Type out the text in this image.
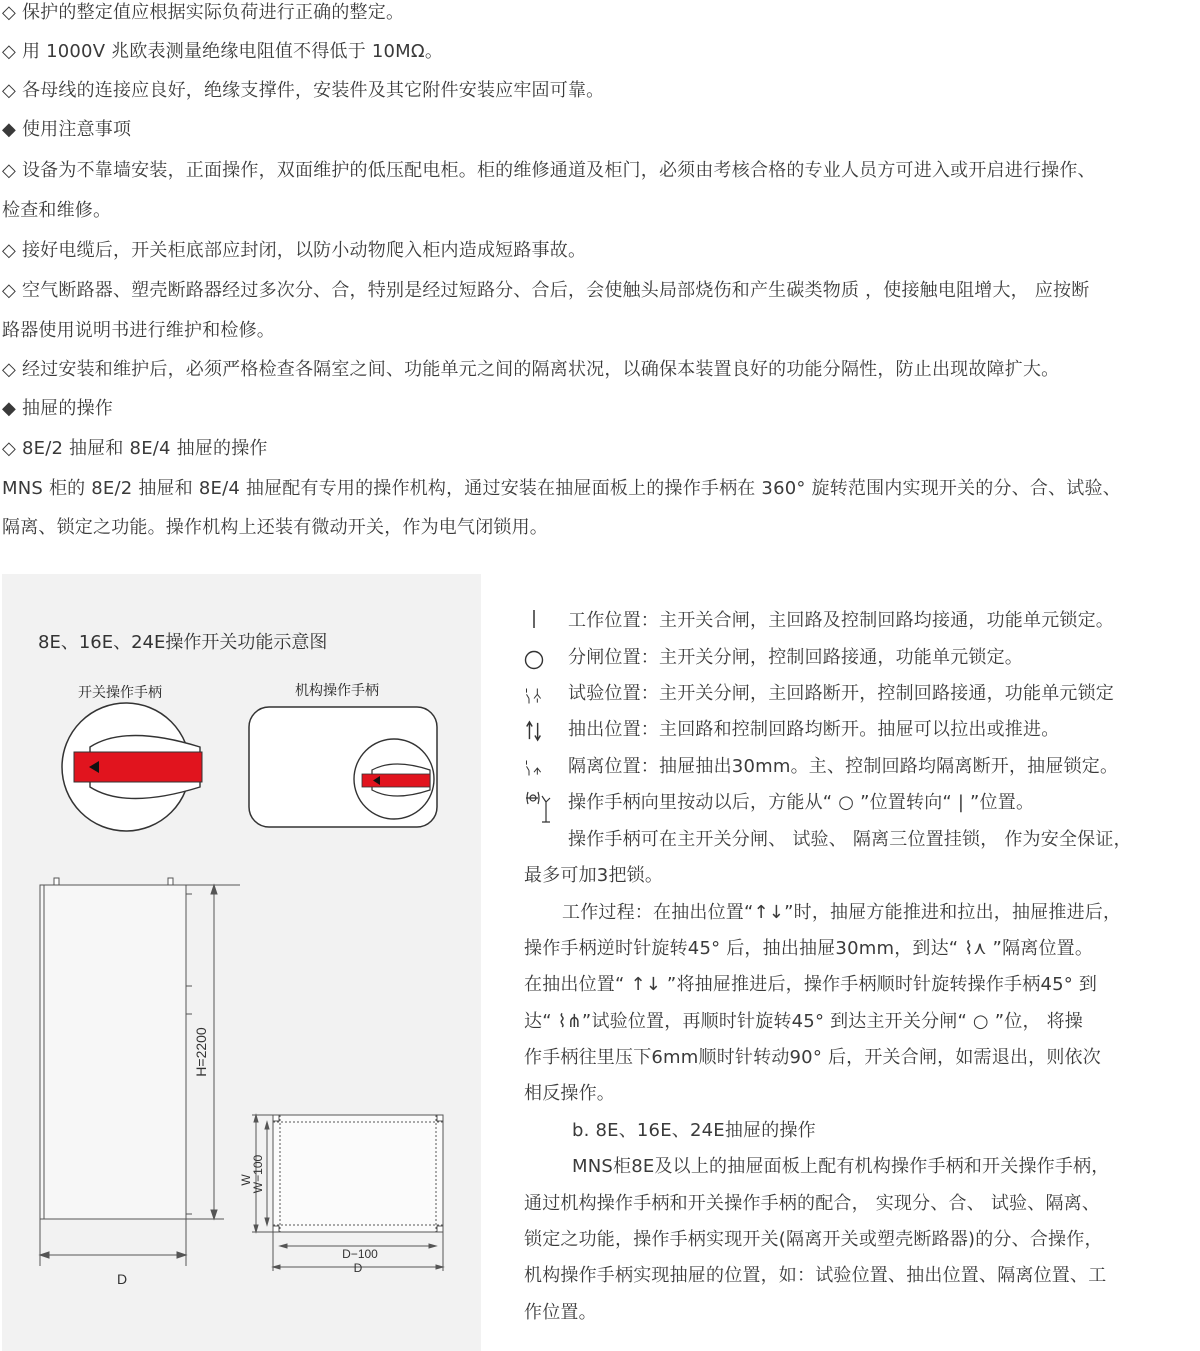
◇ 保护的整定值应根据实际负荷进行正确的整定。
◇ 用 1000V 兆欧表测量绝缘电阻值不得低于 10MΩ。
◇ 各母线的连接应良好，绝缘支撑件，安装件及其它附件安装应牢固可靠。
◆ 使用注意事项
◇ 设备为不靠墙安装，正面操作，双面维护的低压配电柜。柜的维修通道及柜门，必须由考核合格的专业人员方可进入或开启进行操作、
检查和维修。
◇ 接好电缆后，开关柜底部应封闭，以防小动物爬入柜内造成短路事故。
◇ 空气断路器、塑壳断路器经过多次分、合，特别是经过短路分、合后，会使触头局部烧伤和产生碳类物质 ，使接触电阻增大， 应按断
路器使用说明书进行维护和检修。
◇ 经过安装和维护后，必须严格检查各隔室之间、功能单元之间的隔离状况，以确保本装置良好的功能分隔性，防止出现故障扩大。
◆ 抽屉的操作
◇ 8E/2 抽屉和 8E/4 抽屉的操作
MNS 柜的 8E/2 抽屉和 8E/4 抽屉配有专用的操作机构，通过安装在抽屉面板上的操作手柄在 360° 旋转范围内实现开关的分、合、试验、
隔离、锁定之功能。操作机构上还装有微动开关，作为电气闭锁用。
8E、16E、24E操作开关功能示意图
开关操作手柄	机构操作手柄
H=2200
D
W
W−100
D−100
D
工作位置：主开关合闸，主回路及控制回路均接通，功能单元锁定。
分闸位置：主开关分闸，控制回路接通，功能单元锁定。
试验位置：主开关分闸，主回路断开，控制回路接通，功能单元锁定
抽出位置：主回路和控制回路均断开。抽屉可以拉出或推进。
隔离位置：抽屉抽出30mm。主、控制回路均隔离断开，抽屉锁定。
操作手柄向里按动以后，方能从“ ○ ”位置转向“ | ”位置。
操作手柄可在主开关分闸、 试验、 隔离三位置挂锁， 作为安全保证，
最多可加3把锁。
工作过程：在抽出位置“↑↓”时，抽屉方能推进和拉出，抽屉推进后，
操作手柄逆时针旋转45° 后，抽出抽屉30mm，到达“ ⌇⋏ ”隔离位置。
在抽出位置“ ↑↓ ”将抽屉推进后，操作手柄顺时针旋转操作手柄45° 到
达“ ⌇⋔”试验位置，再顺时针旋转45° 到达主开关分闸“ ○ ”位， 将操
作手柄往里压下6mm顺时针转动90° 后，开关合闸，如需退出，则依次
相反操作。
b. 8E、16E、24E抽屉的操作
MNS柜8E及以上的抽屉面板上配有机构操作手柄和开关操作手柄，
通过机构操作手柄和开关操作手柄的配合， 实现分、合、 试验、隔离、
锁定之功能，操作手柄实现开关(隔离开关或塑壳断路器)的分、合操作，
机构操作手柄实现抽屉的位置，如：试验位置、抽出位置、隔离位置、工
作位置。
